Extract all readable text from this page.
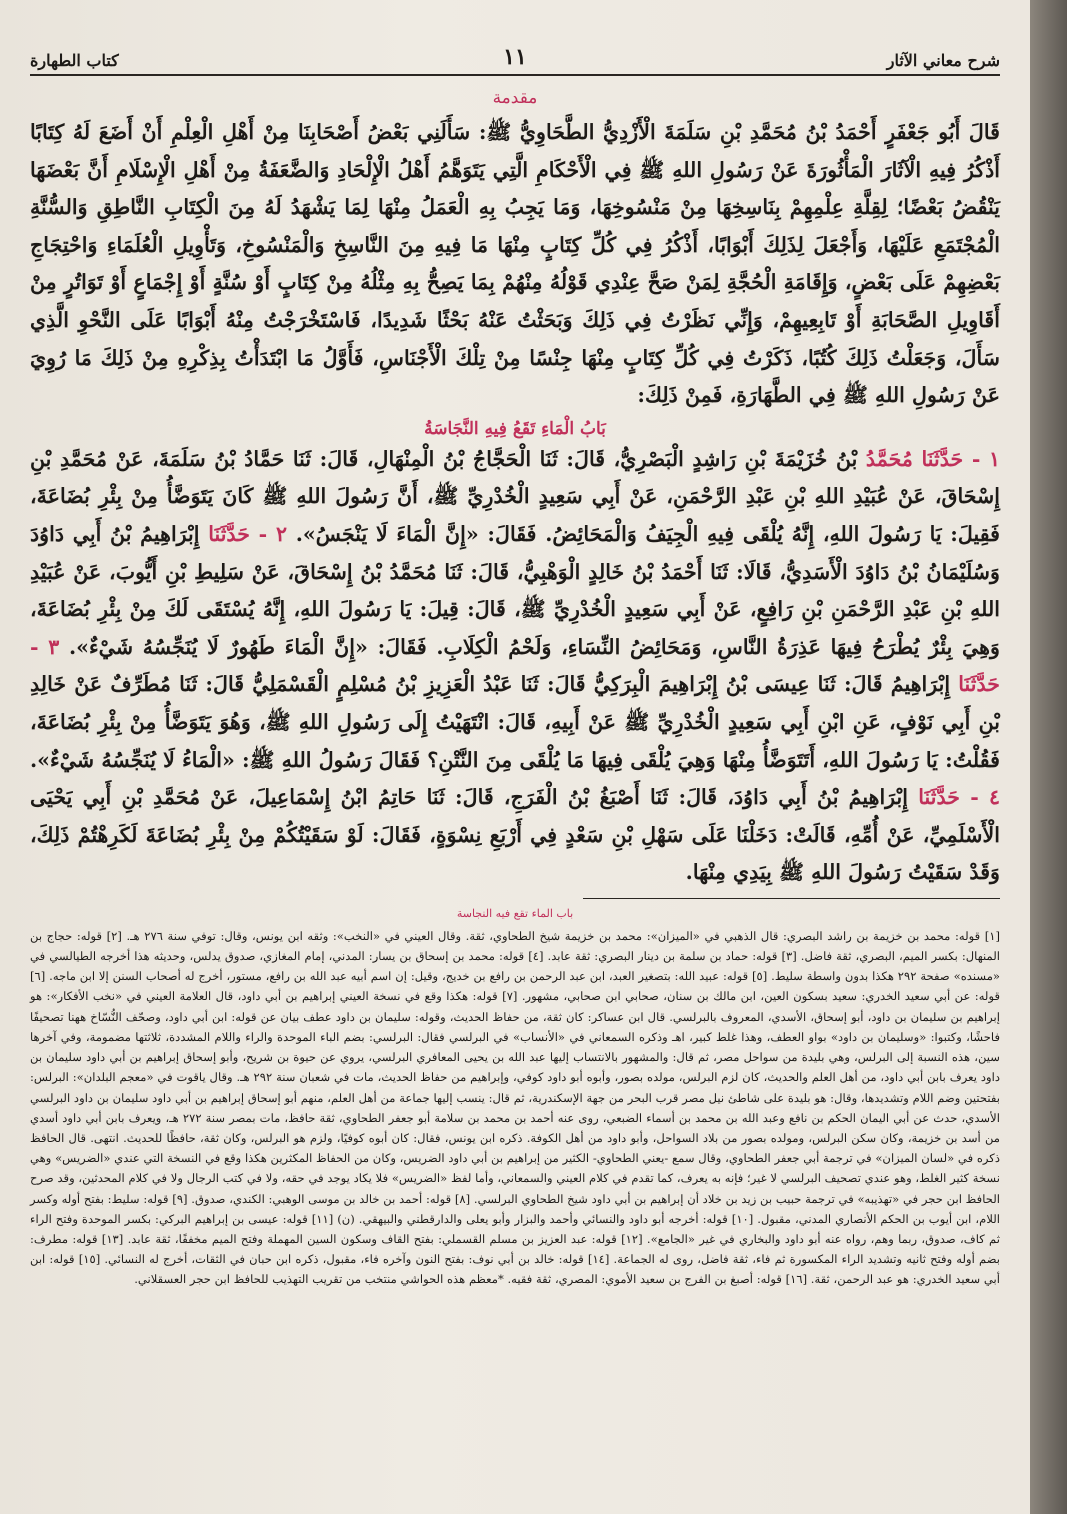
شرح معاني الآثار
١١
كتاب الطهارة
مقدمة

قَالَ أَبُو جَعْفَرٍ أَحْمَدُ بْنُ مُحَمَّدِ بْنِ سَلَمَةَ الْأَزْدِيُّ الطَّحَاوِيُّ ﷺ: سَأَلَنِي بَعْضُ أَصْحَابِنَا مِنْ أَهْلِ الْعِلْمِ أَنْ أَضَعَ لَهُ كِتَابًا أَذْكُرُ فِيهِ الْآثَارَ الْمَأْثُورَةَ عَنْ رَسُولِ اللهِ ﷺ فِي الْأَحْكَامِ الَّتِي يَتَوَهَّمُ أَهْلُ الْإِلْحَادِ وَالضَّعَفَةُ مِنْ أَهْلِ الْإِسْلَامِ أَنَّ بَعْضَهَا يَنْقُضُ بَعْضًا؛ لِقِلَّةِ عِلْمِهِمْ بِنَاسِخِهَا مِنْ مَنْسُوخِهَا، وَمَا يَجِبُ بِهِ الْعَمَلُ مِنْهَا لِمَا يَشْهَدُ لَهُ مِنَ الْكِتَابِ النَّاطِقِ وَالسُّنَّةِ الْمُجْتَمَعِ عَلَيْهَا، وَأَجْعَلَ لِذَلِكَ أَبْوَابًا، أَذْكُرُ فِي كُلِّ كِتَابٍ مِنْهَا مَا فِيهِ مِنَ النَّاسِخِ وَالْمَنْسُوخِ، وَتَأْوِيلِ الْعُلَمَاءِ وَاحْتِجَاجِ بَعْضِهِمْ عَلَى بَعْضٍ، وَإِقَامَةِ الْحُجَّةِ لِمَنْ صَحَّ عِنْدِي قَوْلُهُ مِنْهُمْ بِمَا يَصِحُّ بِهِ مِثْلُهُ مِنْ كِتَابٍ أَوْ سُنَّةٍ أَوْ إِجْمَاعٍ أَوْ تَوَاتُرٍ مِنْ أَقَاوِيلِ الصَّحَابَةِ أَوْ تَابِعِيهِمْ، وَإِنِّي نَظَرْتُ فِي ذَلِكَ وَبَحَثْتُ عَنْهُ بَحْثًا شَدِيدًا، فَاسْتَخْرَجْتُ مِنْهُ أَبْوَابًا عَلَى النَّحْوِ الَّذِي سَأَلَ، وَجَعَلْتُ ذَلِكَ كُتُبًا، ذَكَرْتُ فِي كُلِّ كِتَابٍ مِنْهَا جِنْسًا مِنْ تِلْكَ الْأَجْنَاسِ، فَأَوَّلُ مَا ابْتَدَأْتُ بِذِكْرِهِ مِنْ ذَلِكَ مَا رُوِيَ عَنْ رَسُولِ اللهِ ﷺ فِي الطَّهَارَةِ، فَمِنْ ذَلِكَ:

بَابُ الْمَاءِ تَقَعُ فِيهِ النَّجَاسَةُ

١ - حَدَّثَنَا مُحَمَّدُ بْنُ خُزَيْمَةَ بْنِ رَاشِدٍ الْبَصْرِيُّ، قَالَ: ثَنَا الْحَجَّاجُ بْنُ الْمِنْهَالِ، قَالَ: ثَنَا حَمَّادُ بْنُ سَلَمَةَ، عَنْ مُحَمَّدِ بْنِ إِسْحَاقَ، عَنْ عُبَيْدِ اللهِ بْنِ عَبْدِ الرَّحْمَنِ، عَنْ أَبِي سَعِيدٍ الْخُدْرِيِّ ﷺ، أَنَّ رَسُولَ اللهِ ﷺ كَانَ يَتَوَضَّأُ مِنْ بِئْرِ بُضَاعَةَ، فَقِيلَ: يَا رَسُولَ اللهِ، إِنَّهُ يُلْقَى فِيهِ الْجِيَفُ وَالْمَحَائِضُ. فَقَالَ: «إِنَّ الْمَاءَ لَا يَنْجَسُ». ٢ - حَدَّثَنَا إِبْرَاهِيمُ بْنُ أَبِي دَاوُدَ وَسُلَيْمَانُ بْنُ دَاوُدَ الْأَسَدِيُّ، قَالَا: ثَنَا أَحْمَدُ بْنُ خَالِدٍ الْوَهْبِيُّ، قَالَ: ثَنَا مُحَمَّدُ بْنُ إِسْحَاقَ، عَنْ سَلِيطِ بْنِ أَيُّوبَ، عَنْ عُبَيْدِ اللهِ بْنِ عَبْدِ الرَّحْمَنِ بْنِ رَافِعٍ، عَنْ أَبِي سَعِيدٍ الْخُدْرِيِّ ﷺ، قَالَ: قِيلَ: يَا رَسُولَ اللهِ، إِنَّهُ يُسْتَقَى لَكَ مِنْ بِئْرِ بُضَاعَةَ، وَهِيَ بِئْرٌ يُطْرَحُ فِيهَا عَذِرَةُ النَّاسِ، وَمَحَائِضُ النِّسَاءِ، وَلَحْمُ الْكِلَابِ. فَقَالَ: «إِنَّ الْمَاءَ طَهُورٌ لَا يُنَجِّسُهُ شَيْءٌ». ٣ - حَدَّثَنَا إِبْرَاهِيمُ قَالَ: ثَنَا عِيسَى بْنُ إِبْرَاهِيمَ الْبِرَكِيُّ قَالَ: ثَنَا عَبْدُ الْعَزِيزِ بْنُ مُسْلِمٍ الْقَسْمَلِيُّ قَالَ: ثَنَا مُطَرِّفٌ عَنْ خَالِدِ بْنِ أَبِي نَوْفٍ، عَنِ ابْنِ أَبِي سَعِيدٍ الْخُدْرِيِّ ﷺ عَنْ أَبِيهِ، قَالَ: انْتَهَيْتُ إِلَى رَسُولِ اللهِ ﷺ، وَهُوَ يَتَوَضَّأُ مِنْ بِئْرِ بُضَاعَةَ، فَقُلْتُ: يَا رَسُولَ اللهِ، أَتَتَوَضَّأُ مِنْهَا وَهِيَ يُلْقَى فِيهَا مَا يُلْقَى مِنَ النَّتْنِ؟ فَقَالَ رَسُولُ اللهِ ﷺ: «الْمَاءُ لَا يُنَجِّسُهُ شَيْءٌ». ٤ - حَدَّثَنَا إِبْرَاهِيمُ بْنُ أَبِي دَاوُدَ، قَالَ: ثَنَا أَصْبَغُ بْنُ الْفَرَجِ، قَالَ: ثَنَا حَاتِمُ ابْنُ إِسْمَاعِيلَ، عَنْ مُحَمَّدِ بْنِ أَبِي يَحْيَى الْأَسْلَمِيِّ، عَنْ أُمِّهِ، قَالَتْ: دَخَلْنَا عَلَى سَهْلِ بْنِ سَعْدٍ فِي أَرْبَعِ نِسْوَةٍ، فَقَالَ: لَوْ سَقَيْتُكُمْ مِنْ بِئْرِ بُضَاعَةَ لَكَرِهْتُمْ ذَلِكَ، وَقَدْ سَقَيْتُ رَسُولَ اللهِ ﷺ بِيَدِي مِنْهَا.

باب الماء تقع فيه النجاسة

[١] قوله: محمد بن خزيمة بن راشد البصري: قال الذهبي في «الميزان»: محمد بن خزيمة شيخ الطحاوي، ثقة. وقال العيني في «النخب»: وثقه ابن يونس، وقال: توفي سنة ٢٧٦ هـ. [٢] قوله: حجاج بن المنهال: بكسر الميم، البصري، ثقة فاضل. [٣] قوله: حماد بن سلمة بن دينار البصري: ثقة عابد. [٤] قوله: محمد بن إسحاق بن يسار: المدني، إمام المغازي، صدوق يدلس، وحديثه هذا أخرجه الطيالسي في «مسنده» صفحة ٢٩٢ هكذا بدون واسطة سليط. [٥] قوله: عبيد الله: بتصغير العبد، ابن عبد الرحمن بن رافع بن خديج، وقيل: إن اسم أبيه عبد الله بن رافع، مستور، أخرج له أصحاب السنن إلا ابن ماجه. [٦] قوله: عن أبي سعيد الخدري: سعيد بسكون العين، ابن مالك بن سنان، صحابي ابن صحابي، مشهور. [٧] قوله: هكذا وقع في نسخة العيني إبراهيم بن أبي داود، قال العلامة العيني في «نخب الأفكار»: هو إبراهيم بن سليمان بن داود، أبو إسحاق، الأسدي، المعروف بالبرلسي. قال ابن عساكر: كان ثقة، من حفاظ الحديث، وقوله: سليمان بن داود عطف بيان عن قوله: ابن أبي داود، وصحّف النُّسّاخ ههنا تصحيفًا فاحشًا، وكتبوا: «وسليمان بن داود» بواو العطف، وهذا غلط كبير، اهـ وذكره السمعاني في «الأنساب» في البرلسي فقال: البرلسي: بضم الباء الموحدة والراء واللام المشددة، ثلاثتها مضمومة، وفي آخرها سين، هذه النسبة إلى البرلس، وهي بليدة من سواحل مصر، ثم قال: والمشهور بالانتساب إليها عبد الله بن يحيى المعافري البرلسي، يروي عن حيوة بن شريح، وأبو إسحاق إبراهيم بن أبي داود سليمان بن داود يعرف بابن أبي داود، من أهل العلم والحديث، كان لزم البرلس، مولده بصور، وأبوه أبو داود كوفي، وإبراهيم من حفاظ الحديث، مات في شعبان سنة ٢٩٢ هـ. وقال ياقوت في «معجم البلدان»: البرلس: بفتحتين وضم اللام وتشديدها، وقال: هو بليدة على شاطئ نيل مصر قرب البحر من جهة الإسكندرية، ثم قال: ينسب إليها جماعة من أهل العلم، منهم أبو إسحاق إبراهيم بن أبي داود سليمان بن داود البرلسي الأسدي، حدث عن أبي اليمان الحكم بن نافع وعبد الله بن محمد بن أسماء الضبعي، روى عنه أحمد بن محمد بن سلامة أبو جعفر الطحاوي، ثقة حافظ، مات بمصر سنة ٢٧٢ هـ، ويعرف بابن أبي داود أسدي من أسد بن خزيمة، وكان سكن البرلس، ومولده بصور من بلاد السواحل، وأبو داود من أهل الكوفة. ذكره ابن يونس، فقال: كان أبوه كوفيًا، ولزم هو البرلس، وكان ثقة، حافظًا للحديث. انتهى. قال الحافظ ذكره في «لسان الميزان» في ترجمة أبي جعفر الطحاوي، وقال سمع -يعني الطحاوي- الكثير من إبراهيم بن أبي داود الضريس، وكان من الحفاظ المكثرين هكذا وقع في النسخة التي عندي «الضريس» وهي نسخة كثير الغلط، وهو عندي تصحيف البرلسي لا غير؛ فإنه به يعرف، كما تقدم في كلام العيني والسمعاني، وأما لفظ «الضريس» فلا يكاد يوجد في حقه، ولا في كتب الرجال ولا في كلام المحدثين، وقد صرح الحافظ ابن حجر في «تهذيبه» في ترجمة حبيب بن زيد بن خلاد أن إبراهيم بن أبي داود شيخ الطحاوي البرلسي. [٨] قوله: أحمد بن خالد بن موسى الوهبي: الكندي، صدوق. [٩] قوله: سليط: بفتح أوله وكسر اللام، ابن أيوب بن الحكم الأنصاري المدني، مقبول. [١٠] قوله: أخرجه أبو داود والنسائي وأحمد والبزار وأبو يعلى والدارقطني والبيهقي. (ن) [١١] قوله: عيسى بن إبراهيم البركي: بكسر الموحدة وفتح الراء ثم كاف، صدوق، ربما وهم، رواه عنه أبو داود والبخاري في غير «الجامع». [١٢] قوله: عبد العزيز بن مسلم القسملي: بفتح القاف وسكون السين المهملة وفتح الميم مخففًا، ثقة عابد. [١٣] قوله: مطرف: بضم أوله وفتح ثانيه وتشديد الراء المكسورة ثم فاء، ثقة فاضل، روى له الجماعة. [١٤] قوله: خالد بن أبي نوف: بفتح النون وآخره فاء، مقبول، ذكره ابن حبان في الثقات، أخرج له النسائي. [١٥] قوله: ابن أبي سعيد الخدري: هو عبد الرحمن، ثقة. [١٦] قوله: أصبغ بن الفرج بن سعيد الأموي: المصري، ثقة فقيه. *معظم هذه الحواشي منتخب من تقريب التهذيب للحافظ ابن حجر العسقلاني.
